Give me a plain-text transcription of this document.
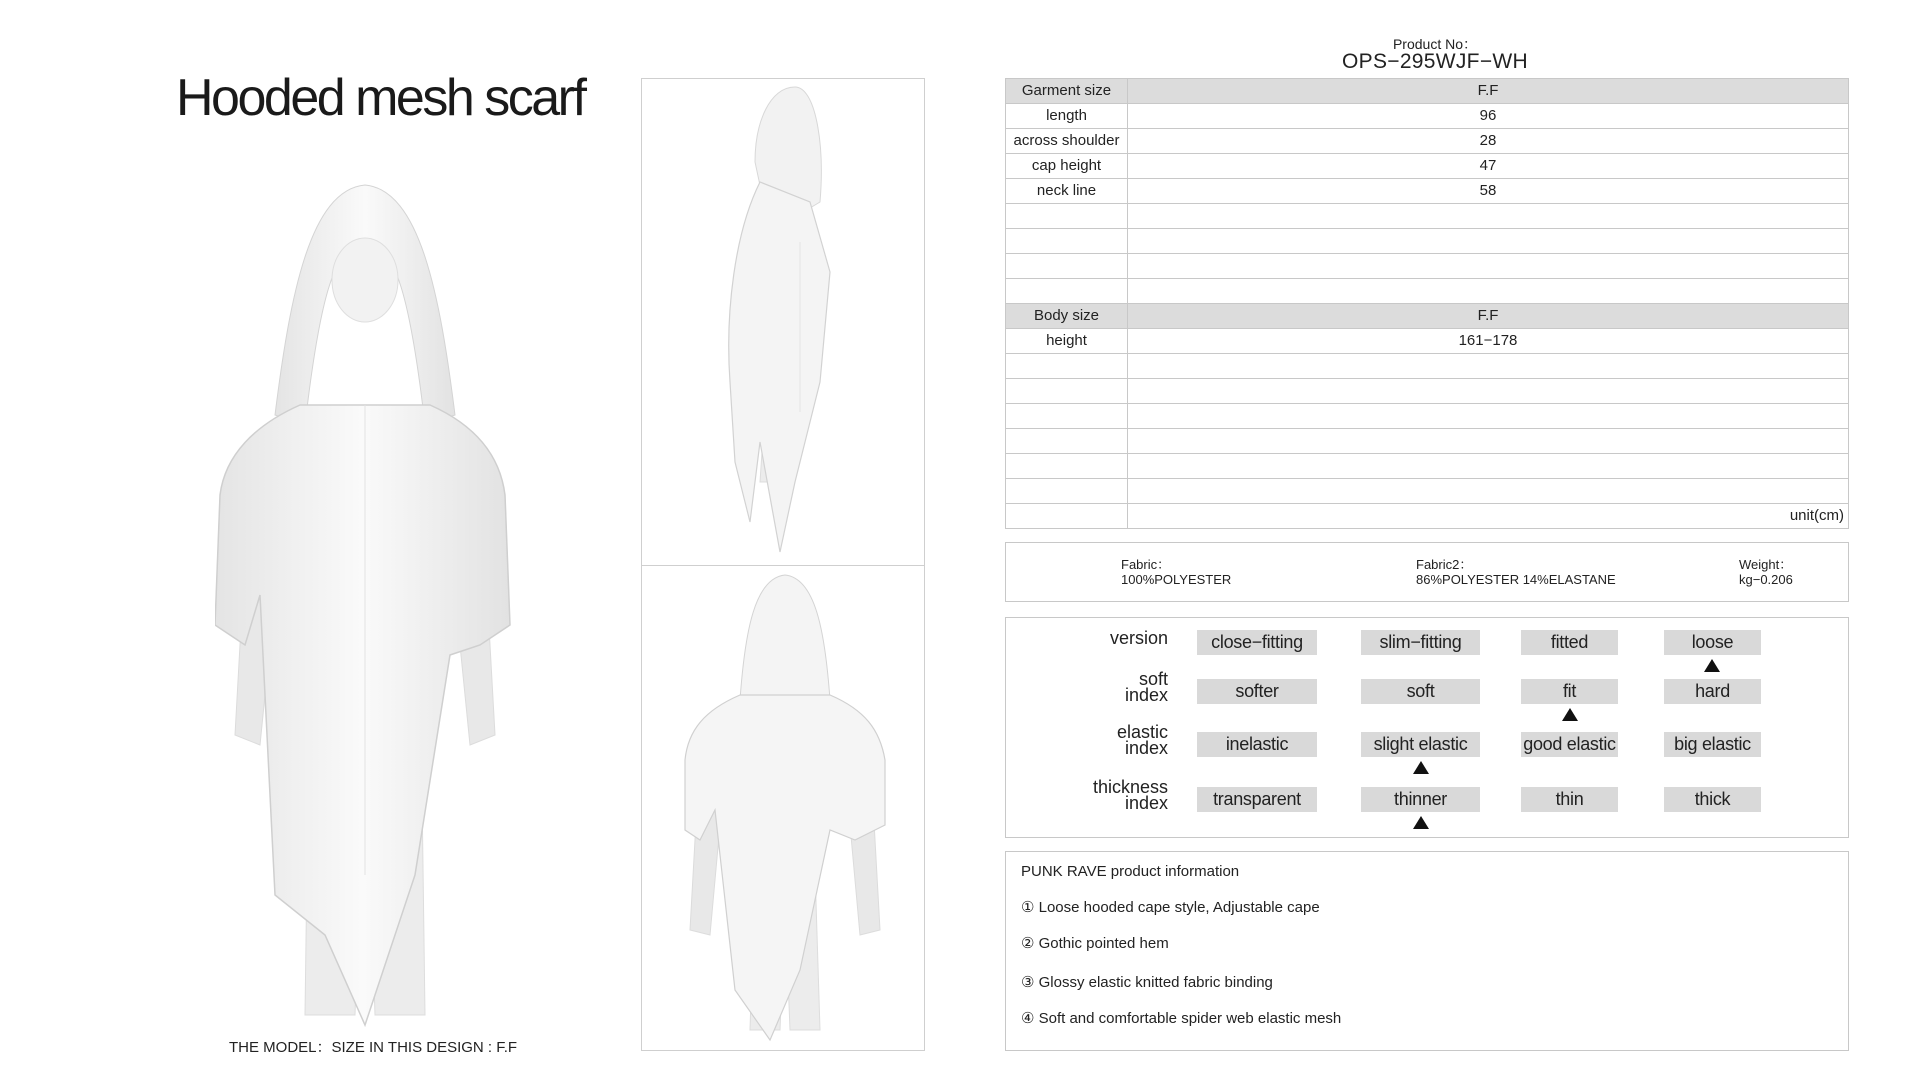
Hooded mesh scarf
THE MODEL：SIZE IN THIS DESIGN : F.F
Product No：
OPS−295WJF−WH
Garment size	F.F
length	96
across shoulder	28
cap height	47
neck line	58

Body size	F.F
height	161−178

	unit(cm)
Fabric：
100%POLYESTER
Fabric2：
86%POLYESTER 14%ELASTANE
Weight：
kg−0.206
version	close−fitting	slim−fitting	fitted	loose
soft
index	softer	soft	fit	hard
elastic
index	inelastic	slight elastic	good elastic	big elastic
thickness
index	transparent	thinner	thin	thick
PUNK RAVE product information
① Loose hooded cape style, Adjustable cape
② Gothic pointed hem
③ Glossy elastic knitted fabric binding
④ Soft and comfortable spider web elastic mesh
